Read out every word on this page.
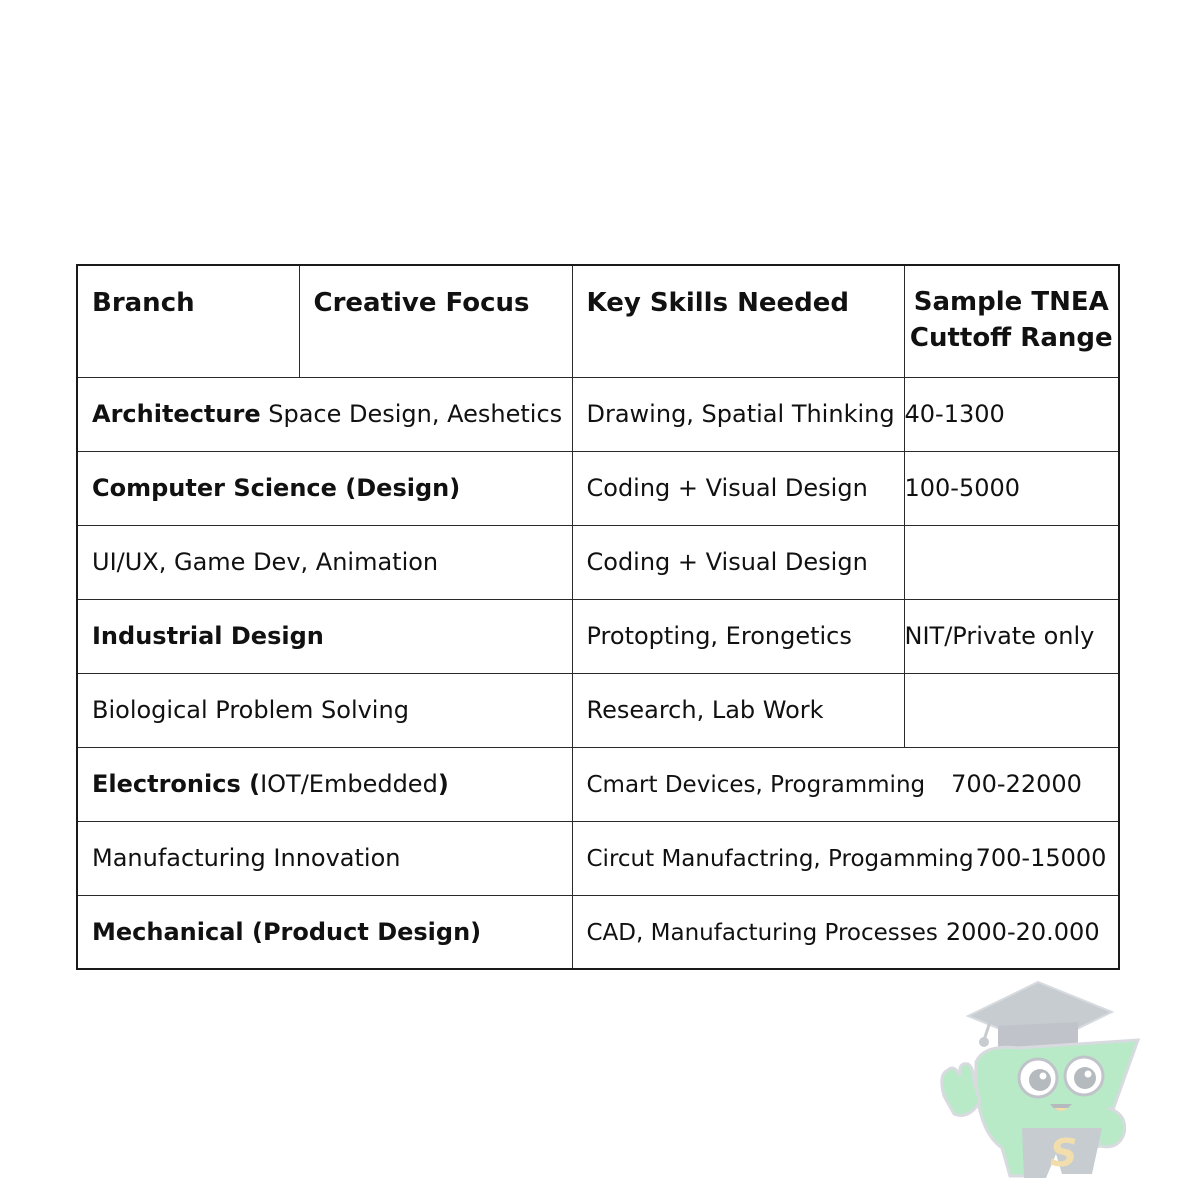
Branch	Creative Focus	Key Skills Needed	Sample TNEA
Cuttoff Range

Architecture Space Design, Aeshetics		Drawing, Spatial Thinking	40-1300
Computer Science (Design)		Coding + Visual Design	100-5000
UI/UX, Game Dev, Animation		Coding + Visual Design	
Industrial Design		Protopting, Erongetics	NIT/Private only
Biological Problem Solving		Research, Lab Work	
Electronics (IOT/Embedded)		Cmart Devices, Programming 700-22000	
Manufacturing Innovation		Circut Manufactring, Progamming700-15000	
Mechanical (Product Design)		CAD, Manufacturing Processes 2000-20.000	
S
